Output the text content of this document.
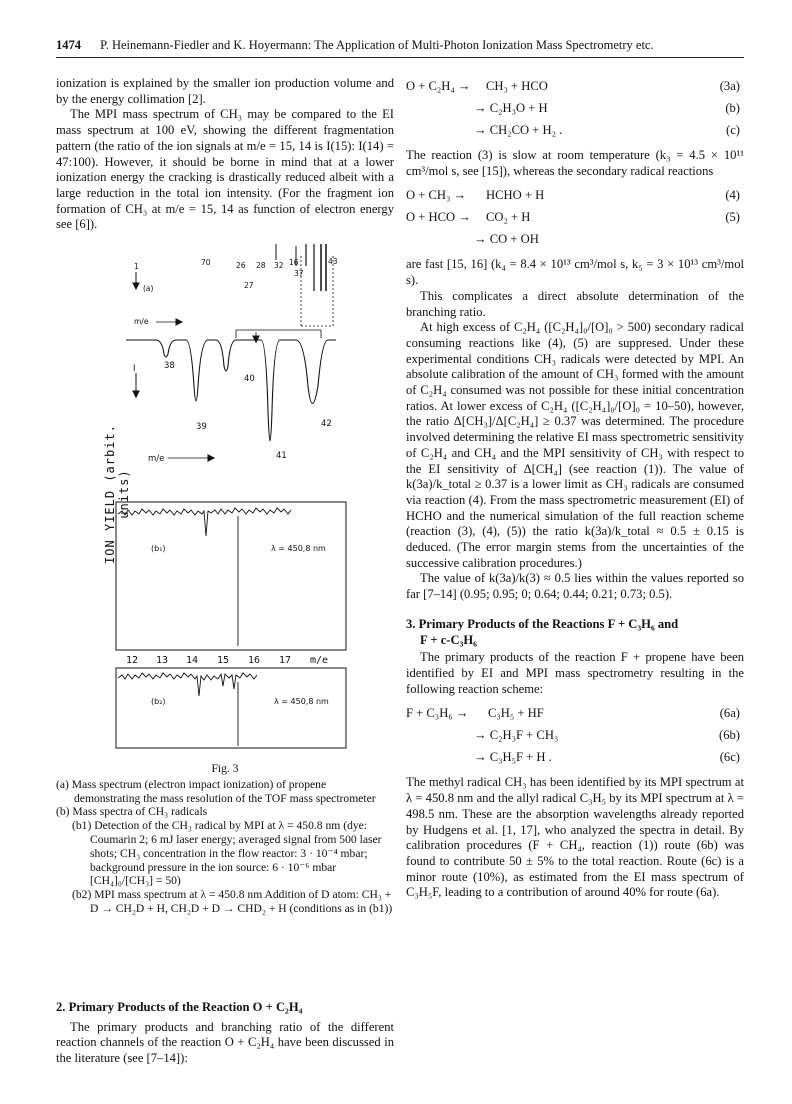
1474 P. Heinemann-Fiedler and K. Hoyermann: The Application of Multi-Photon Ionization Mass Spectrometry etc.

ionization is explained by the smaller ion production volume and by the energy collimation [2].

The MPI mass spectrum of CH₃ may be compared to the EI mass spectrum at 100 eV, showing the different fragmentation pattern (the ratio of the ion signals at m/e = 15, 14 is I(15): I(14) = 47:100). However, it should be borne in mind that at a lower ionization energy the cracking is drastically reduced albeit with a large reduction in the total ion intensity. (For the fragment ion formation of CH₃ at m/e = 15, 14 as function of electron energy see [6]).

ION YIELD (arbit. units)
1	70	26 28 32 16
37
43
27
(a)
m/e
38
40
39
41
42
I
m/e
(b₁)	λ = 450,8 nm
12 13 14 15 16 17 m/e
(b₂)	λ = 450,8 nm

Fig. 3

(a) Mass spectrum (electron impact ionization) of propene demonstrating the mass resolution of the TOF mass spectrometer

(b) Mass spectra of CH₃ radicals

(b1) Detection of the CH₃ radical by MPI at λ = 450.8 nm (dye: Coumarin 2; 6 mJ laser energy; averaged signal from 500 laser shots; CH₃ concentration in the flow reactor: 3 · 10⁻⁴ mbar; background pressure in the ion source: 6 · 10⁻⁶ mbar [CH₄]₀/[CH₃] = 50)

(b2) MPI mass spectrum at λ = 450.8 nm Addition of D atom: CH₃ + D → CH₂D + H, CH₂D + D → CHD₂ + H (conditions as in (b1))

2. Primary Products of the Reaction O + C₂H₄

The primary products and branching ratio of the different reaction channels of the reaction O + C₂H₄ have been discussed in the literature (see [7–14]):

O + C₂H₄ → CH₃ + HCO	(3a)
→ C₂H₃O + H	(b)
→ CH₂CO + H₂ .	(c)

The reaction (3) is slow at room temperature (k₃ = 4.5 × 10¹¹ cm³/mol s, see [15]), whereas the secondary radical reactions

O + CH₃ → HCHO + H	(4)
O + HCO → CO₂ + H	(5)
→ CO + OH

are fast [15, 16] (k₄ = 8.4 × 10¹³ cm³/mol s, k₅ = 3 × 10¹³ cm³/mol s).

This complicates a direct absolute determination of the branching ratio.

At high excess of C₂H₄ ([C₂H₄]₀/[O]₀ > 500) secondary radical consuming reactions like (4), (5) are suppresed. Under these experimental conditions CH₃ radicals were detected by MPI. An absolute calibration of the amount of CH₃ formed with the amount of C₂H₄ consumed was not possible for these initial concentration ratios. At lower excess of C₂H₄ ([C₂H₄]₀/[O]₀ = 10–50), however, the ratio Δ[CH₃]/Δ[C₂H₄] ≥ 0.37 was determined. The procedure involved determining the relative EI mass spectrometric sensitivity of C₂H₄ and CH₄ and the MPI sensitivity of CH₃ with respect to the EI sensitivity of Δ[CH₄] (see reaction (1)). The value of k(3a)/k_total ≥ 0.37 is a lower limit as CH₃ radicals are consumed via reaction (4). From the mass spectrometric measurement (EI) of HCHO and the numerical simulation of the full reaction scheme (reaction (3), (4), (5)) the ratio k(3a)/k_total ≈ 0.5 ± 0.15 is deduced. (The error margin stems from the uncertainties of the successive calibration procedures.)

The value of k(3a)/k(3) ≈ 0.5 lies within the values reported so far [7–14] (0.95; 0.95; 0; 0.64; 0.44; 0.21; 0.73; 0.5).

3. Primary Products of the Reactions F + C₃H₆ and

F + c-C₃H₆

The primary products of the reaction F + propene have been identified by EI and MPI mass spectrometry resulting in the following reaction scheme:

F + C₃H₆ → C₃H₅ + HF	(6a)
→ C₂H₃F + CH₃	(6b)
→ C₃H₅F + H .	(6c)

The methyl radical CH₃ has been identified by its MPI spectrum at λ = 450.8 nm and the allyl radical C₃H₅ by its MPI spectrum at λ = 498.5 nm. These are the absorption wavelengths already reported by Hudgens et al. [1, 17], who analyzed the spectra in detail. By calibration procedures (F + CH₄, reaction (1)) route (6b) was found to contribute 50 ± 5% to the total reaction. Route (6c) is a minor route (10%), as estimated from the EI mass spectrum of C₃H₅F, leading to a contribution of around 40% for route (6a).
